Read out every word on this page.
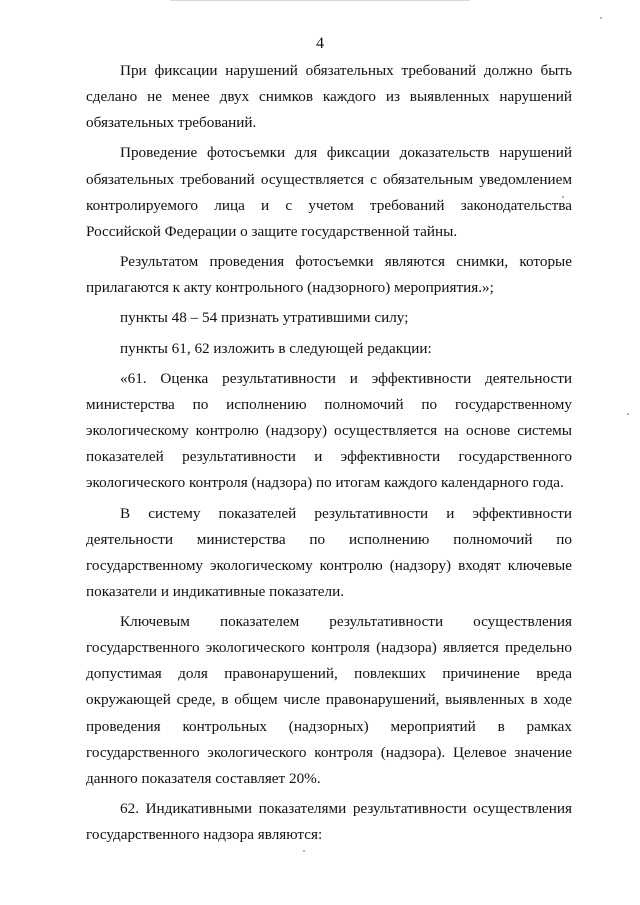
4

При фиксации нарушений обязательных требований должно быть сделано не менее двух снимков каждого из выявленных нарушений обязательных требований.

Проведение фотосъемки для фиксации доказательств нарушений обязательных требований осуществляется с обязательным уведомлением контролируемого лица и с учетом требований законодательства Российской Федерации о защите государственной тайны.

Результатом проведения фотосъемки являются снимки, которые прилагаются к акту контрольного (надзорного) мероприятия.»;

пункты 48 – 54 признать утратившими силу;

пункты 61, 62 изложить в следующей редакции:

«61. Оценка результативности и эффективности деятельности министерства по исполнению полномочий по государственному экологическому контролю (надзору) осуществляется на основе системы показателей результативности и эффективности государственного экологического контроля (надзора) по итогам каждого календарного года.

В систему показателей результативности и эффективности деятельности министерства по исполнению полномочий по государственному экологическому контролю (надзору) входят ключевые показатели и индикативные показатели.

Ключевым показателем результативности осуществления государственного экологического контроля (надзора) является предельно допустимая доля правонарушений, повлекших причинение вреда окружающей среде, в общем числе правонарушений, выявленных в ходе проведения контрольных (надзорных) мероприятий в рамках государственного экологического контроля (надзора). Целевое значение данного показателя составляет 20%.

62. Индикативными показателями результативности осуществления государственного надзора являются:
